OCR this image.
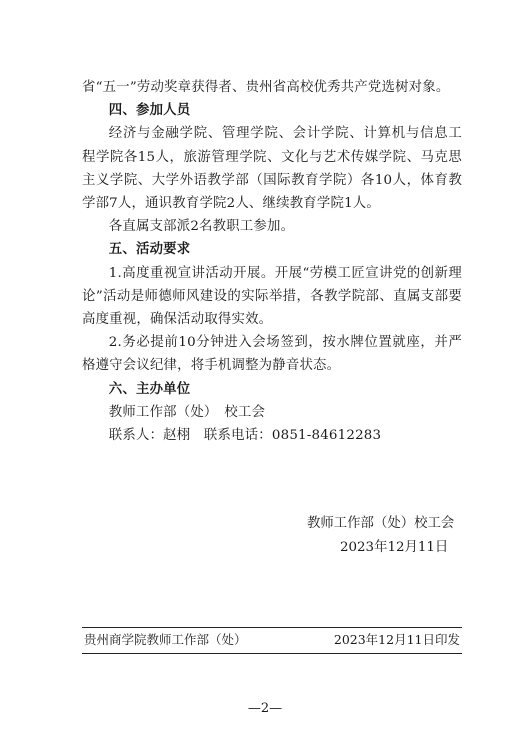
省“五一”劳动奖章获得者、贵州省高校优秀共产党选树对象。

四、参加人员

经济与金融学院、管理学院、会计学院、计算机与信息工程学院各15人，旅游管理学院、文化与艺术传媒学院、马克思主义学院、大学外语教学部（国际教育学院）各10人，体育教学部7人，通识教育学院2人、继续教育学院1人。

各直属支部派2名教职工参加。

五、活动要求

1.高度重视宣讲活动开展。开展“劳模工匠宣讲党的创新理论”活动是师德师风建设的实际举措，各教学院部、直属支部要高度重视，确保活动取得实效。

2.务必提前10分钟进入会场签到，按水牌位置就座，并严格遵守会议纪律，将手机调整为静音状态。

六、主办单位

教师工作部（处）　校工会

联系人：赵栩　联系电话：0851-84612283

教师工作部（处）校工会
2023年12月11日
贵州商学院教师工作部（处）	2023年12月11日印发
—2—
